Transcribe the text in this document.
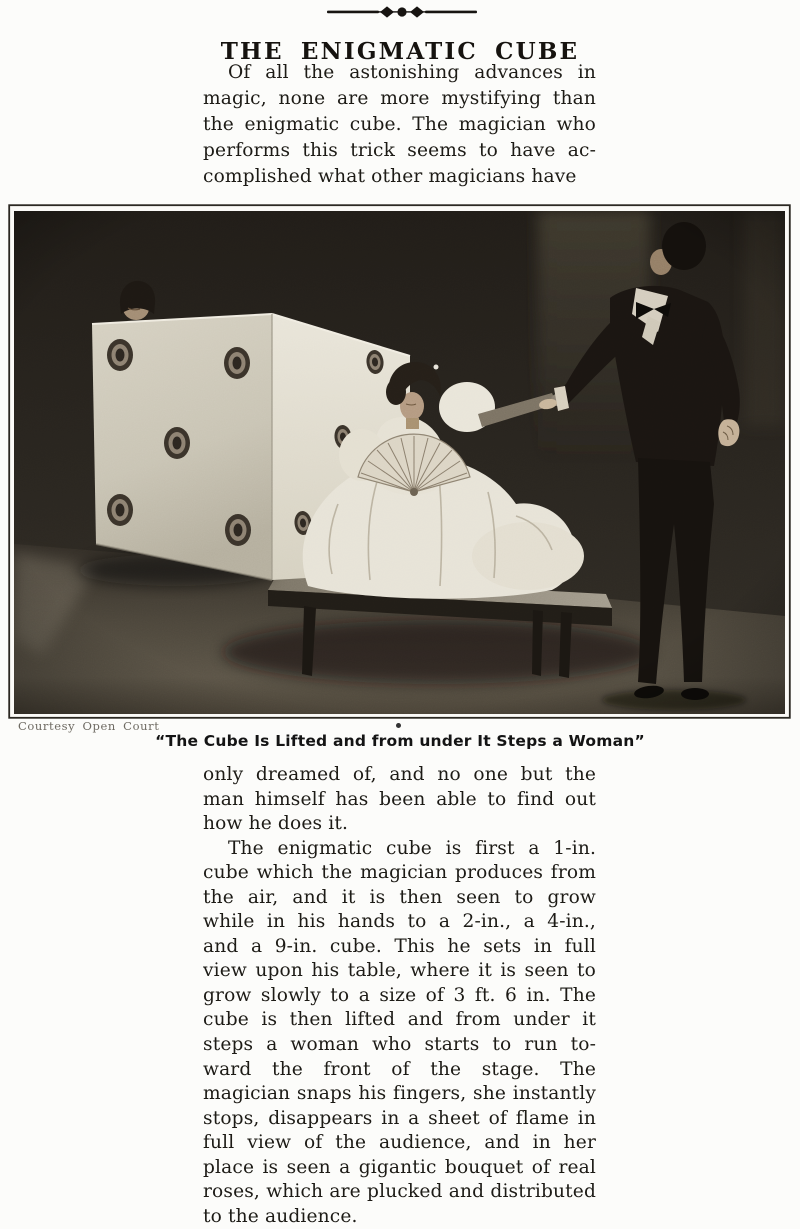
THE ENIGMATIC CUBE
Of all the astonishing advances in
magic, none are more mystifying than
the enigmatic cube. The magician who
performs this trick seems to have ac-
complished what other magicians have
Courtesy Open Court
“The Cube Is Lifted and from under It Steps a Woman”
only dreamed of, and no one but the
man himself has been able to find out
how he does it.
The enigmatic cube is first a 1-in.
cube which the magician produces from
the air, and it is then seen to grow
while in his hands to a 2-in., a 4-in.,
and a 9-in. cube. This he sets in full
view upon his table, where it is seen to
grow slowly to a size of 3 ft. 6 in. The
cube is then lifted and from under it
steps a woman who starts to run to-
ward the front of the stage. The
magician snaps his fingers, she instantly
stops, disappears in a sheet of flame in
full view of the audience, and in her
place is seen a gigantic bouquet of real
roses, which are plucked and distributed
to the audience.
